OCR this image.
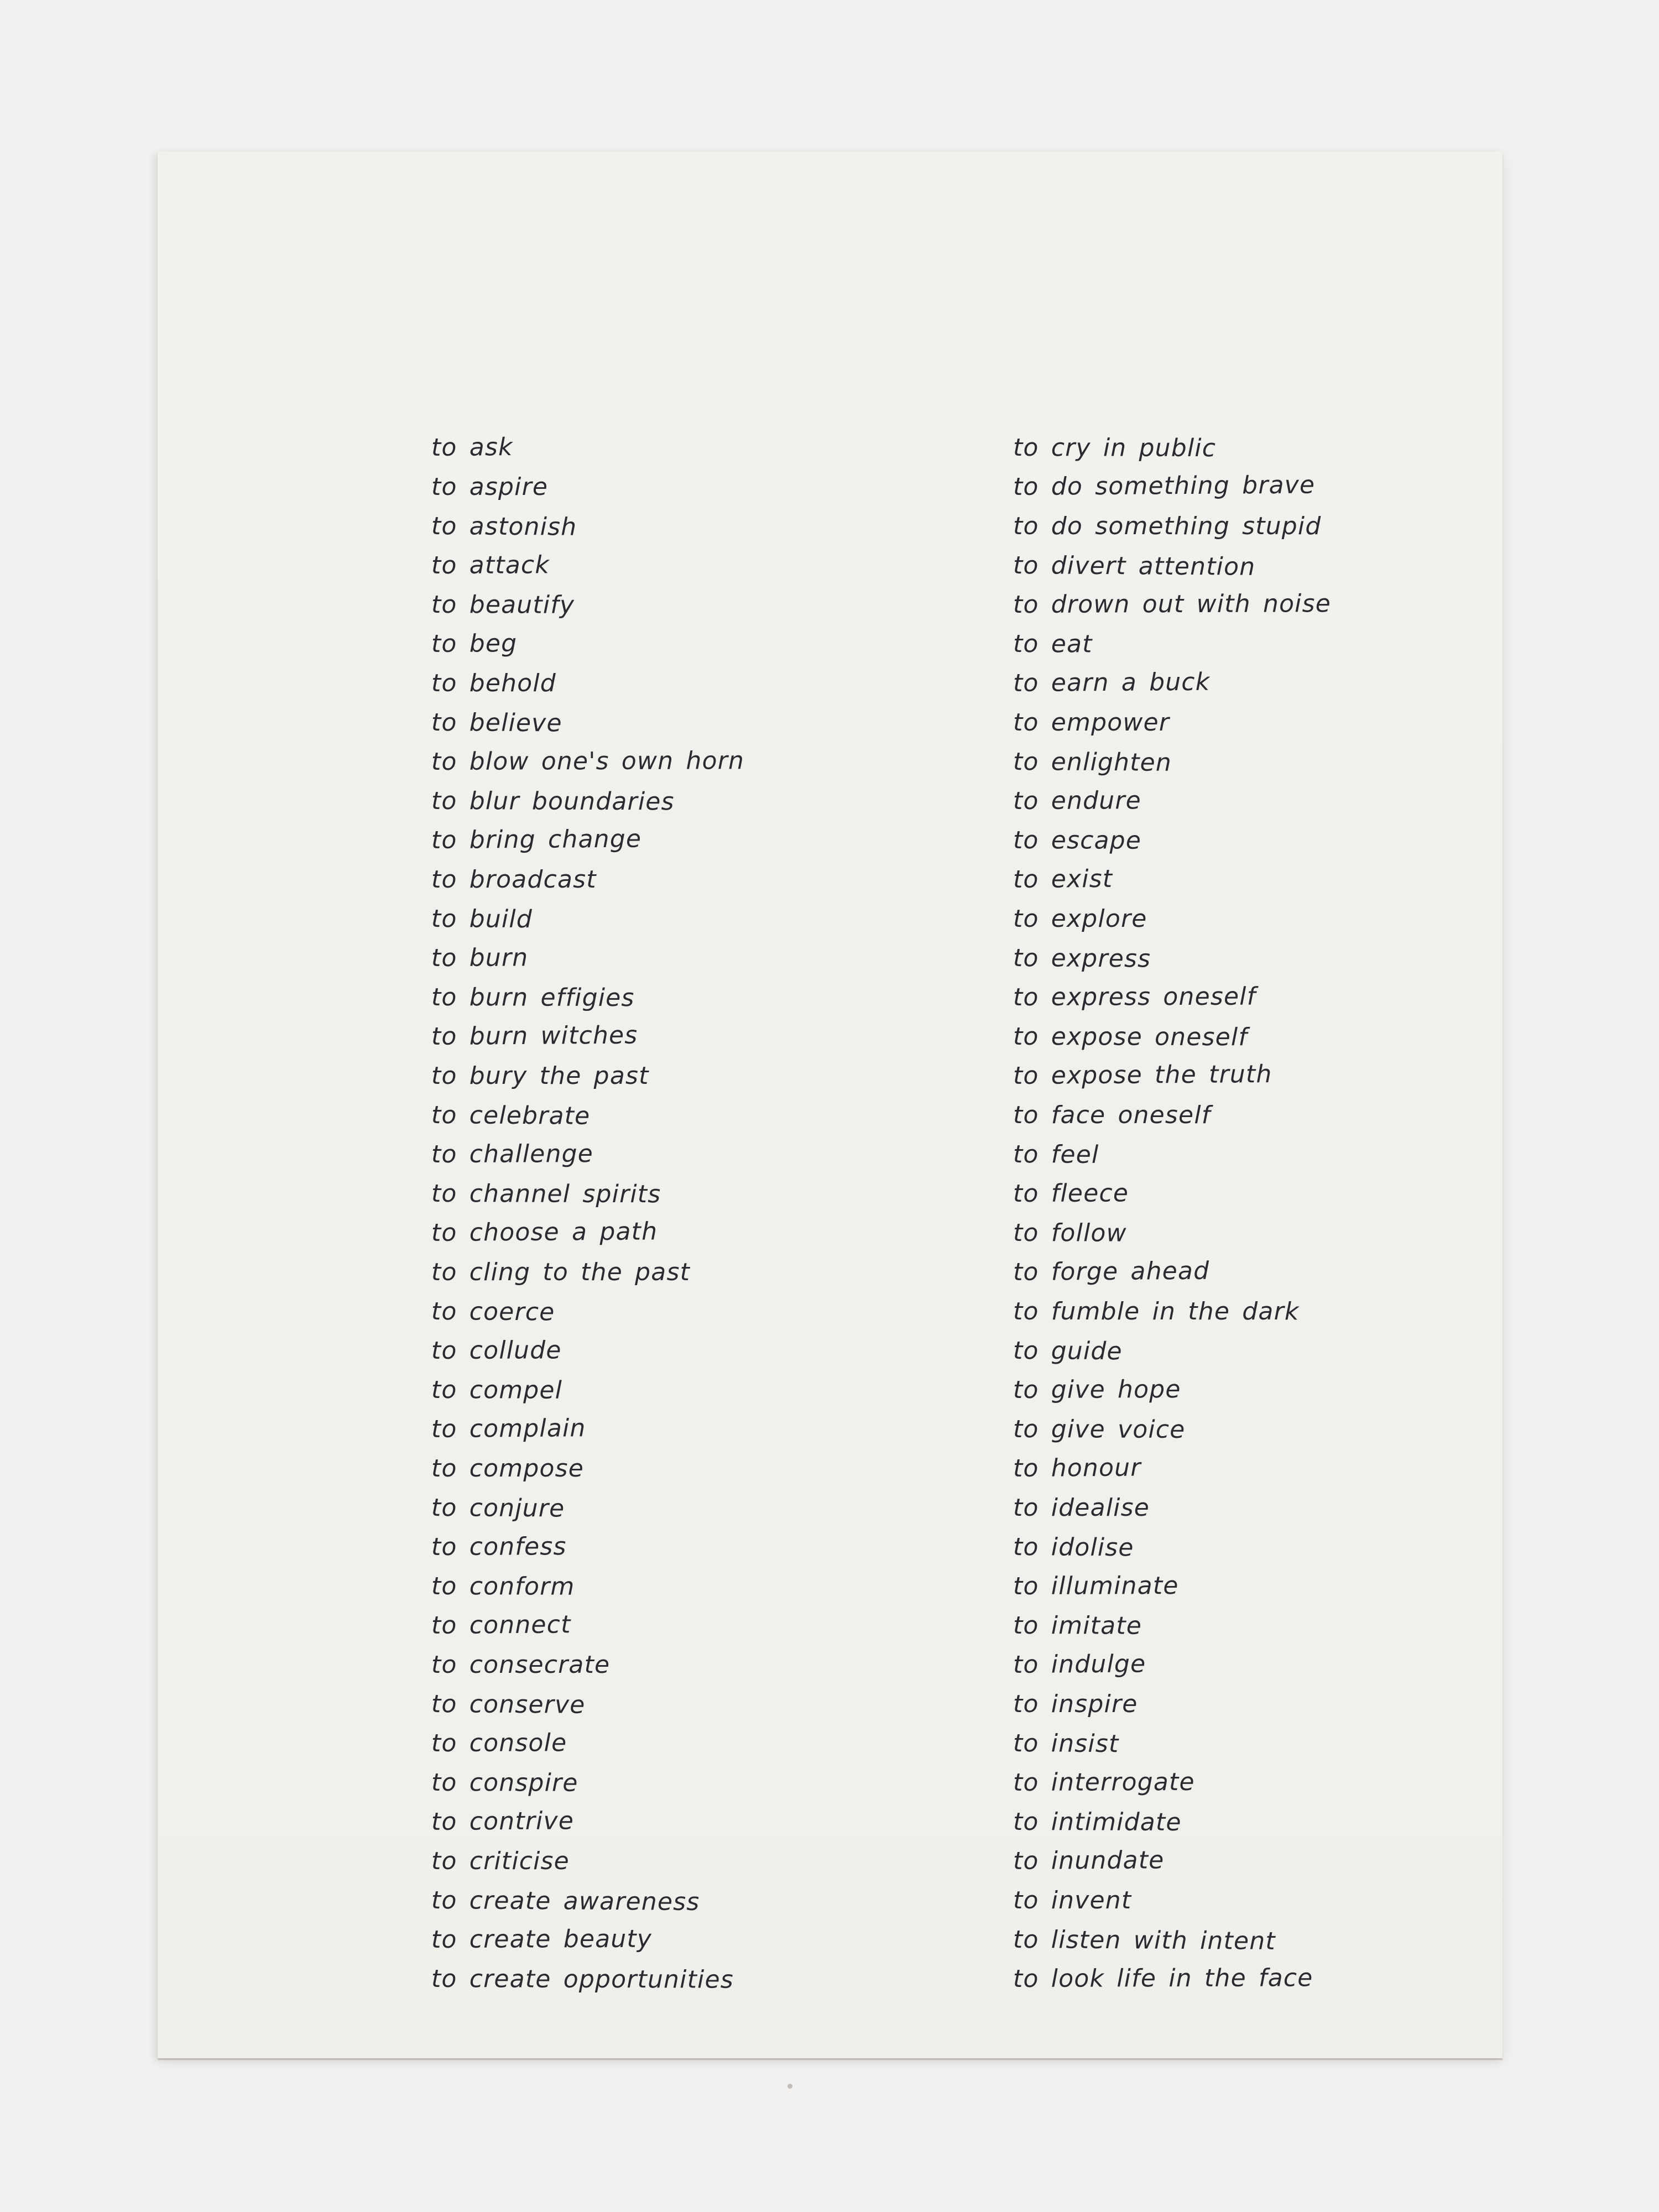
to ask
to aspire
to astonish
to attack
to beautify
to beg
to behold
to believe
to blow one's own horn
to blur boundaries
to bring change
to broadcast
to build
to burn
to burn effigies
to burn witches
to bury the past
to celebrate
to challenge
to channel spirits
to choose a path
to cling to the past
to coerce
to collude
to compel
to complain
to compose
to conjure
to confess
to conform
to connect
to consecrate
to conserve
to console
to conspire
to contrive
to criticise
to create awareness
to create beauty
to create opportunities
to cry in public
to do something brave
to do something stupid
to divert attention
to drown out with noise
to eat
to earn a buck
to empower
to enlighten
to endure
to escape
to exist
to explore
to express
to express oneself
to expose oneself
to expose the truth
to face oneself
to feel
to fleece
to follow
to forge ahead
to fumble in the dark
to guide
to give hope
to give voice
to honour
to idealise
to idolise
to illuminate
to imitate
to indulge
to inspire
to insist
to interrogate
to intimidate
to inundate
to invent
to listen with intent
to look life in the face
